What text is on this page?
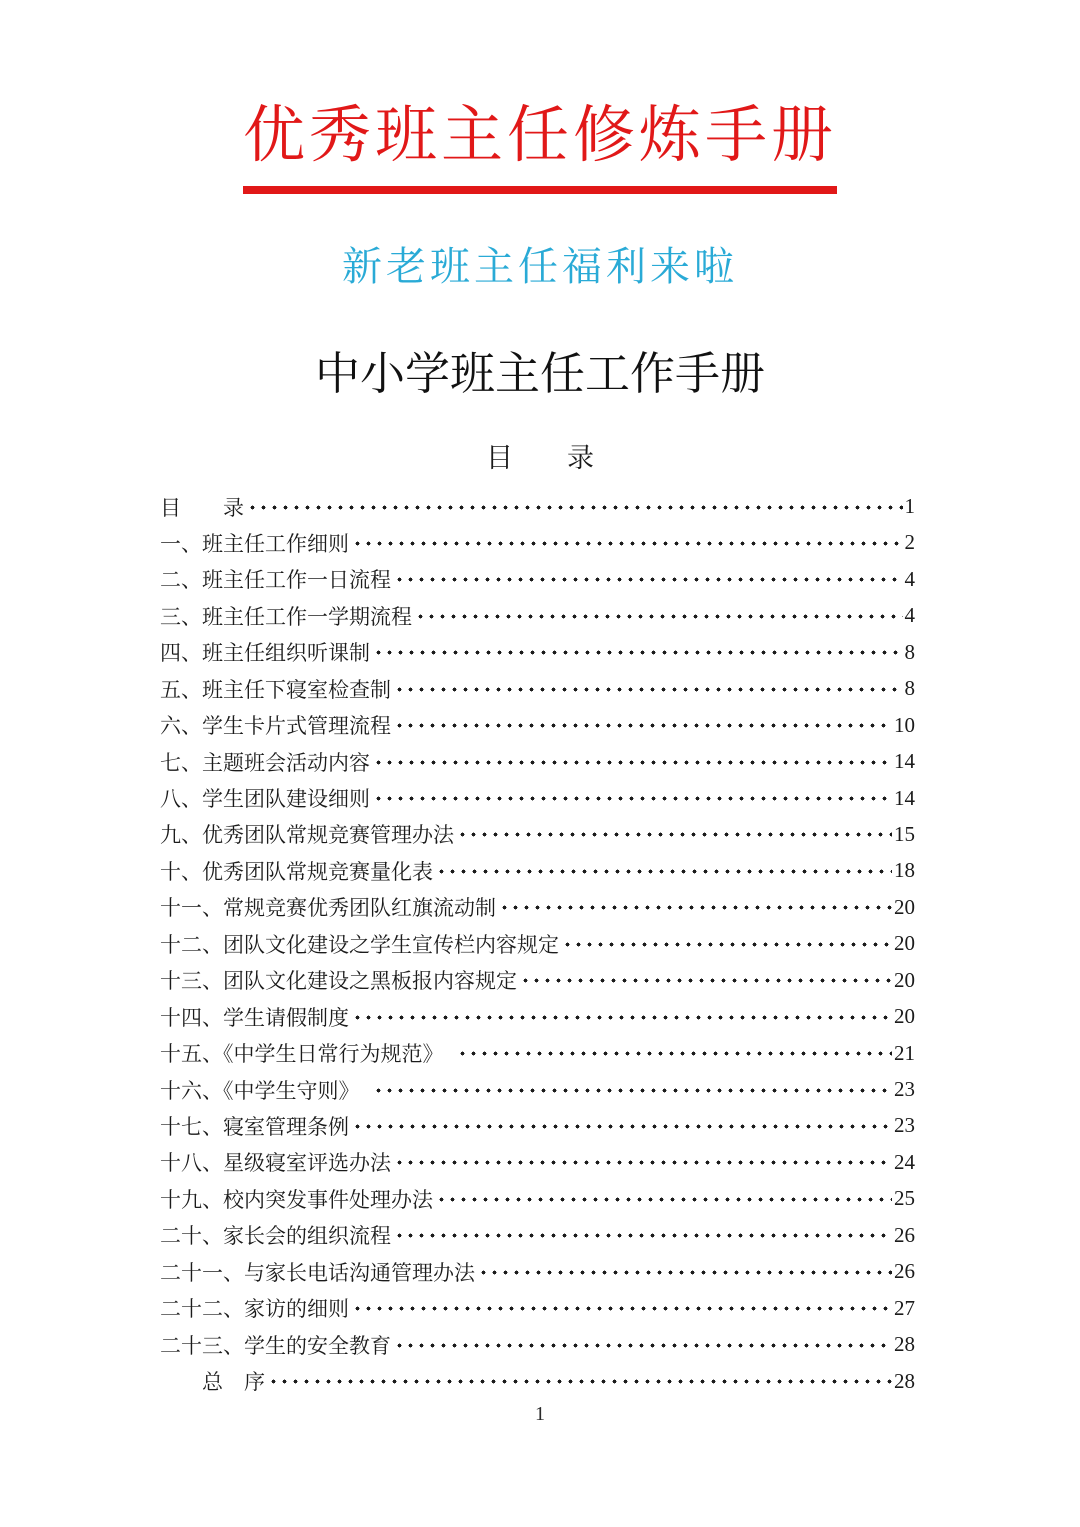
优秀班主任修炼手册
新老班主任福利来啦
中小学班主任工作手册
目　　录
目　　录	1
一、班主任工作细则	2
二、班主任工作一日流程	4
三、班主任工作一学期流程	4
四、班主任组织听课制	8
五、班主任下寝室检查制	8
六、学生卡片式管理流程	10
七、主题班会活动内容	14
八、学生团队建设细则	14
九、优秀团队常规竞赛管理办法	15
十、优秀团队常规竞赛量化表	18
十一、常规竞赛优秀团队红旗流动制	20
十二、团队文化建设之学生宣传栏内容规定	20
十三、团队文化建设之黑板报内容规定	20
十四、学生请假制度	20
十五、《中学生日常行为规范》　	21
十六、《中学生守则》　	23
十七、寝室管理条例	23
十八、星级寝室评选办法	24
十九、校内突发事件处理办法	25
二十、家长会的组织流程	26
二十一、与家长电话沟通管理办法	26
二十二、家访的细则	27
二十三、学生的安全教育	28
　　总　序	28
1
